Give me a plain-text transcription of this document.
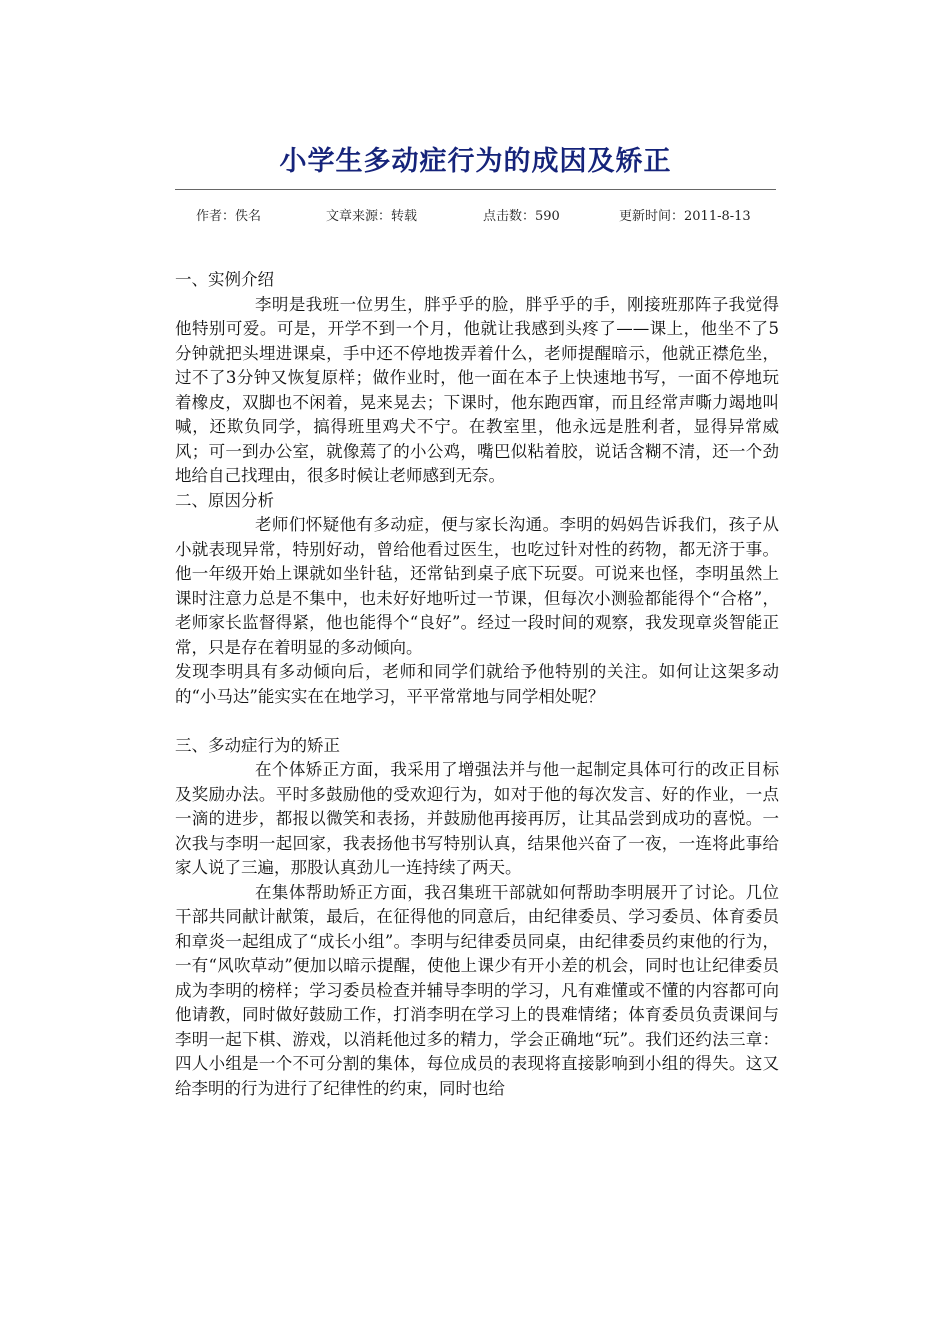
小学生多动症行为的成因及矫正
作者：佚名	文章来源：转载	点击数：590	更新时间：2011-8-13

一、实例介绍

李明是我班一位男生，胖乎乎的脸，胖乎乎的手，刚接班那阵子我觉得他特别可爱。可是，开学不到一个月，他就让我感到头疼了——课上，他坐不了5分钟就把头埋进课桌，手中还不停地拨弄着什么，老师提醒暗示，他就正襟危坐，过不了3分钟又恢复原样；做作业时，他一面在本子上快速地书写，一面不停地玩着橡皮，双脚也不闲着，晃来晃去；下课时，他东跑西窜，而且经常声嘶力竭地叫喊，还欺负同学，搞得班里鸡犬不宁。在教室里，他永远是胜利者，显得异常威风；可一到办公室，就像蔫了的小公鸡，嘴巴似粘着胶，说话含糊不清，还一个劲地给自己找理由，很多时候让老师感到无奈。

二、原因分析

老师们怀疑他有多动症，便与家长沟通。李明的妈妈告诉我们，孩子从小就表现异常，特别好动，曾给他看过医生，也吃过针对性的药物，都无济于事。他一年级开始上课就如坐针毡，还常钻到桌子底下玩耍。可说来也怪，李明虽然上课时注意力总是不集中，也未好好地听过一节课，但每次小测验都能得个“合格”，老师家长监督得紧，他也能得个“良好”。经过一段时间的观察，我发现章炎智能正常，只是存在着明显的多动倾向。

发现李明具有多动倾向后，老师和同学们就给予他特别的关注。如何让这架多动的“小马达”能实实在在地学习，平平常常地与同学相处呢？

三、多动症行为的矫正

在个体矫正方面，我采用了增强法并与他一起制定具体可行的改正目标及奖励办法。平时多鼓励他的受欢迎行为，如对于他的每次发言、好的作业，一点一滴的进步，都报以微笑和表扬，并鼓励他再接再厉，让其品尝到成功的喜悦。一次我与李明一起回家，我表扬他书写特别认真，结果他兴奋了一夜，一连将此事给家人说了三遍，那股认真劲儿一连持续了两天。

在集体帮助矫正方面，我召集班干部就如何帮助李明展开了讨论。几位干部共同献计献策，最后，在征得他的同意后，由纪律委员、学习委员、体育委员和章炎一起组成了“成长小组”。李明与纪律委员同桌，由纪律委员约束他的行为，一有“风吹草动”便加以暗示提醒，使他上课少有开小差的机会，同时也让纪律委员成为李明的榜样；学习委员检查并辅导李明的学习，凡有难懂或不懂的内容都可向他请教，同时做好鼓励工作，打消李明在学习上的畏难情绪；体育委员负责课间与李明一起下棋、游戏，以消耗他过多的精力，学会正确地“玩”。我们还约法三章：四人小组是一个不可分割的集体，每位成员的表现将直接影响到小组的得失。这又给李明的行为进行了纪律性的约束，同时也给
